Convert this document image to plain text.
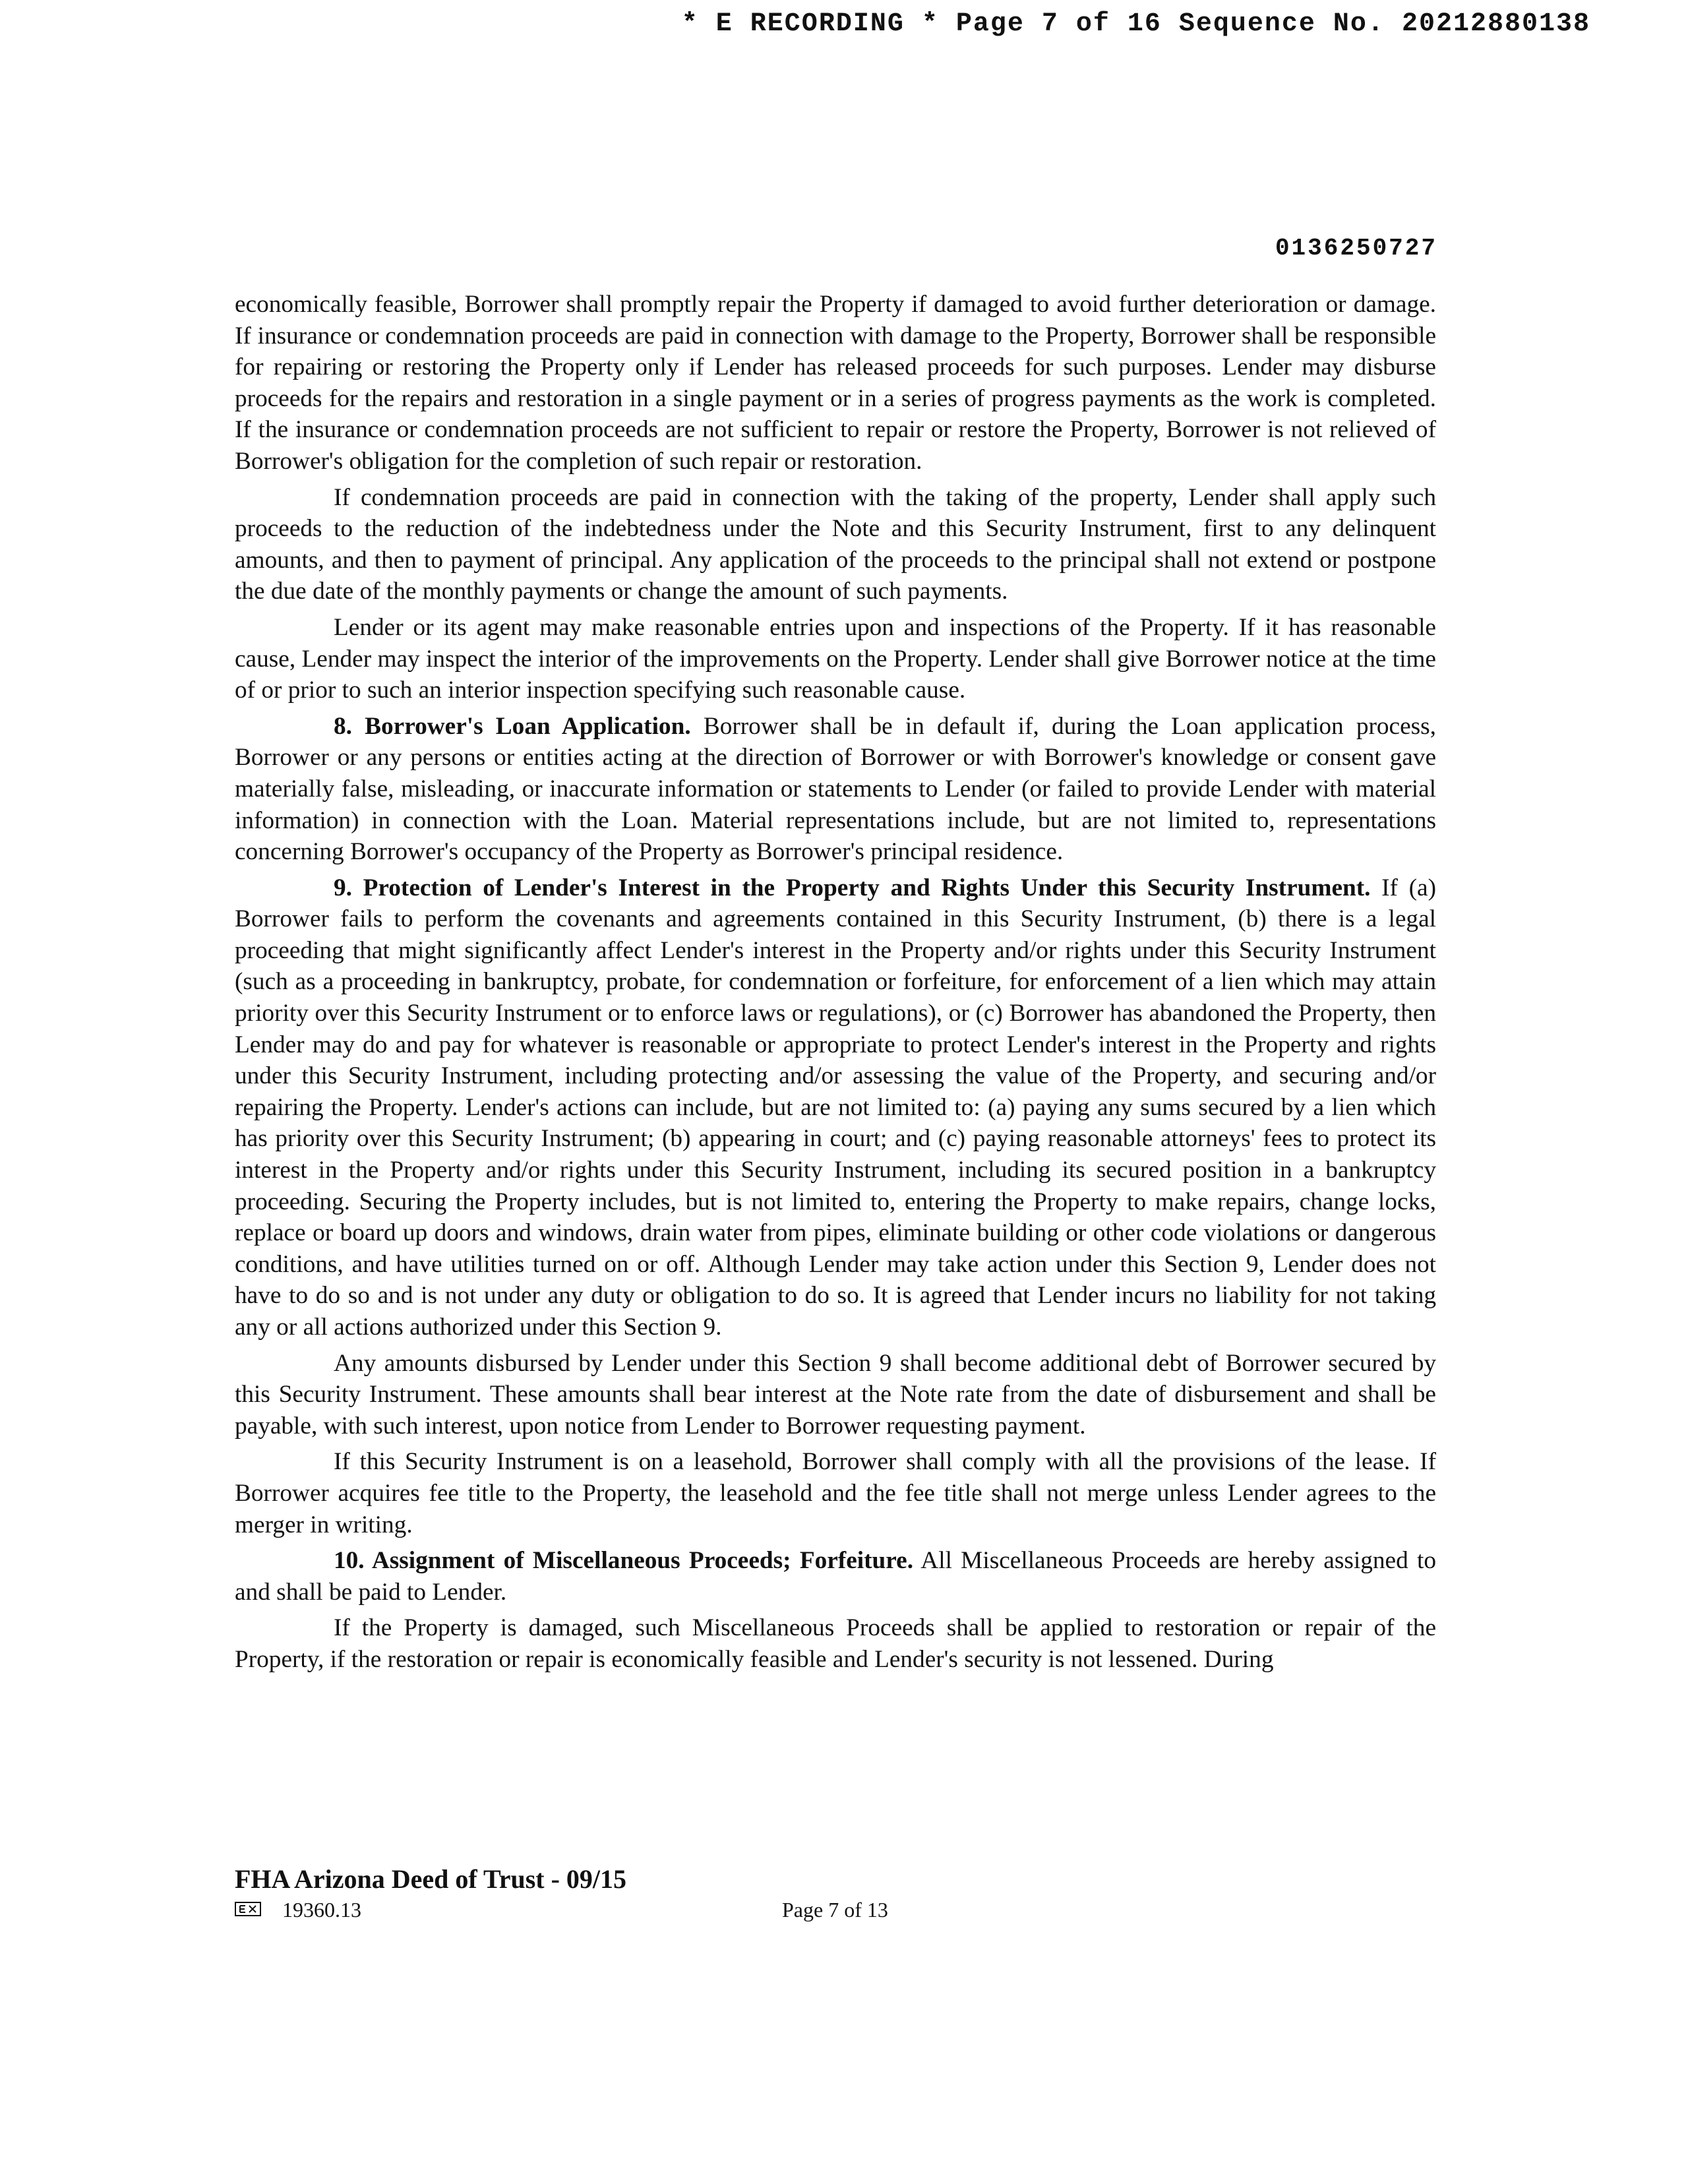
* E RECORDING * Page 7 of 16 Sequence No. 20212880138
0136250727

economically feasible, Borrower shall promptly repair the Property if damaged to avoid further deterioration or damage. If insurance or condemnation proceeds are paid in connection with damage to the Property, Borrower shall be responsible for repairing or restoring the Property only if Lender has released proceeds for such purposes. Lender may disburse proceeds for the repairs and restoration in a single payment or in a series of progress payments as the work is completed. If the insurance or condemnation proceeds are not sufficient to repair or restore the Property, Borrower is not relieved of Borrower's obligation for the completion of such repair or restoration.

If condemnation proceeds are paid in connection with the taking of the property, Lender shall apply such proceeds to the reduction of the indebtedness under the Note and this Security Instrument, first to any delinquent amounts, and then to payment of principal. Any application of the proceeds to the principal shall not extend or postpone the due date of the monthly payments or change the amount of such payments.

Lender or its agent may make reasonable entries upon and inspections of the Property. If it has reasonable cause, Lender may inspect the interior of the improvements on the Property. Lender shall give Borrower notice at the time of or prior to such an interior inspection specifying such reasonable cause.

8. Borrower's Loan Application. Borrower shall be in default if, during the Loan application process, Borrower or any persons or entities acting at the direction of Borrower or with Borrower's knowledge or consent gave materially false, misleading, or inaccurate information or statements to Lender (or failed to provide Lender with material information) in connection with the Loan. Material representations include, but are not limited to, representations concerning Borrower's occupancy of the Property as Borrower's principal residence.

9. Protection of Lender's Interest in the Property and Rights Under this Security Instrument. If (a) Borrower fails to perform the covenants and agreements contained in this Security Instrument, (b) there is a legal proceeding that might significantly affect Lender's interest in the Property and/or rights under this Security Instrument (such as a proceeding in bankruptcy, probate, for condemnation or forfeiture, for enforcement of a lien which may attain priority over this Security Instrument or to enforce laws or regulations), or (c) Borrower has abandoned the Property, then Lender may do and pay for whatever is reasonable or appropriate to protect Lender's interest in the Property and rights under this Security Instrument, including protecting and/or assessing the value of the Property, and securing and/or repairing the Property. Lender's actions can include, but are not limited to: (a) paying any sums secured by a lien which has priority over this Security Instrument; (b) appearing in court; and (c) paying reasonable attorneys' fees to protect its interest in the Property and/or rights under this Security Instrument, including its secured position in a bankruptcy proceeding. Securing the Property includes, but is not limited to, entering the Property to make repairs, change locks, replace or board up doors and windows, drain water from pipes, eliminate building or other code violations or dangerous conditions, and have utilities turned on or off. Although Lender may take action under this Section 9, Lender does not have to do so and is not under any duty or obligation to do so. It is agreed that Lender incurs no liability for not taking any or all actions authorized under this Section 9.

Any amounts disbursed by Lender under this Section 9 shall become additional debt of Borrower secured by this Security Instrument. These amounts shall bear interest at the Note rate from the date of disbursement and shall be payable, with such interest, upon notice from Lender to Borrower requesting payment.

If this Security Instrument is on a leasehold, Borrower shall comply with all the provisions of the lease. If Borrower acquires fee title to the Property, the leasehold and the fee title shall not merge unless Lender agrees to the merger in writing.

10. Assignment of Miscellaneous Proceeds; Forfeiture. All Miscellaneous Proceeds are hereby assigned to and shall be paid to Lender.

If the Property is damaged, such Miscellaneous Proceeds shall be applied to restoration or repair of the Property, if the restoration or repair is economically feasible and Lender's security is not lessened. During

FHA Arizona Deed of Trust - 09/15
19360.13	Page 7 of 13
